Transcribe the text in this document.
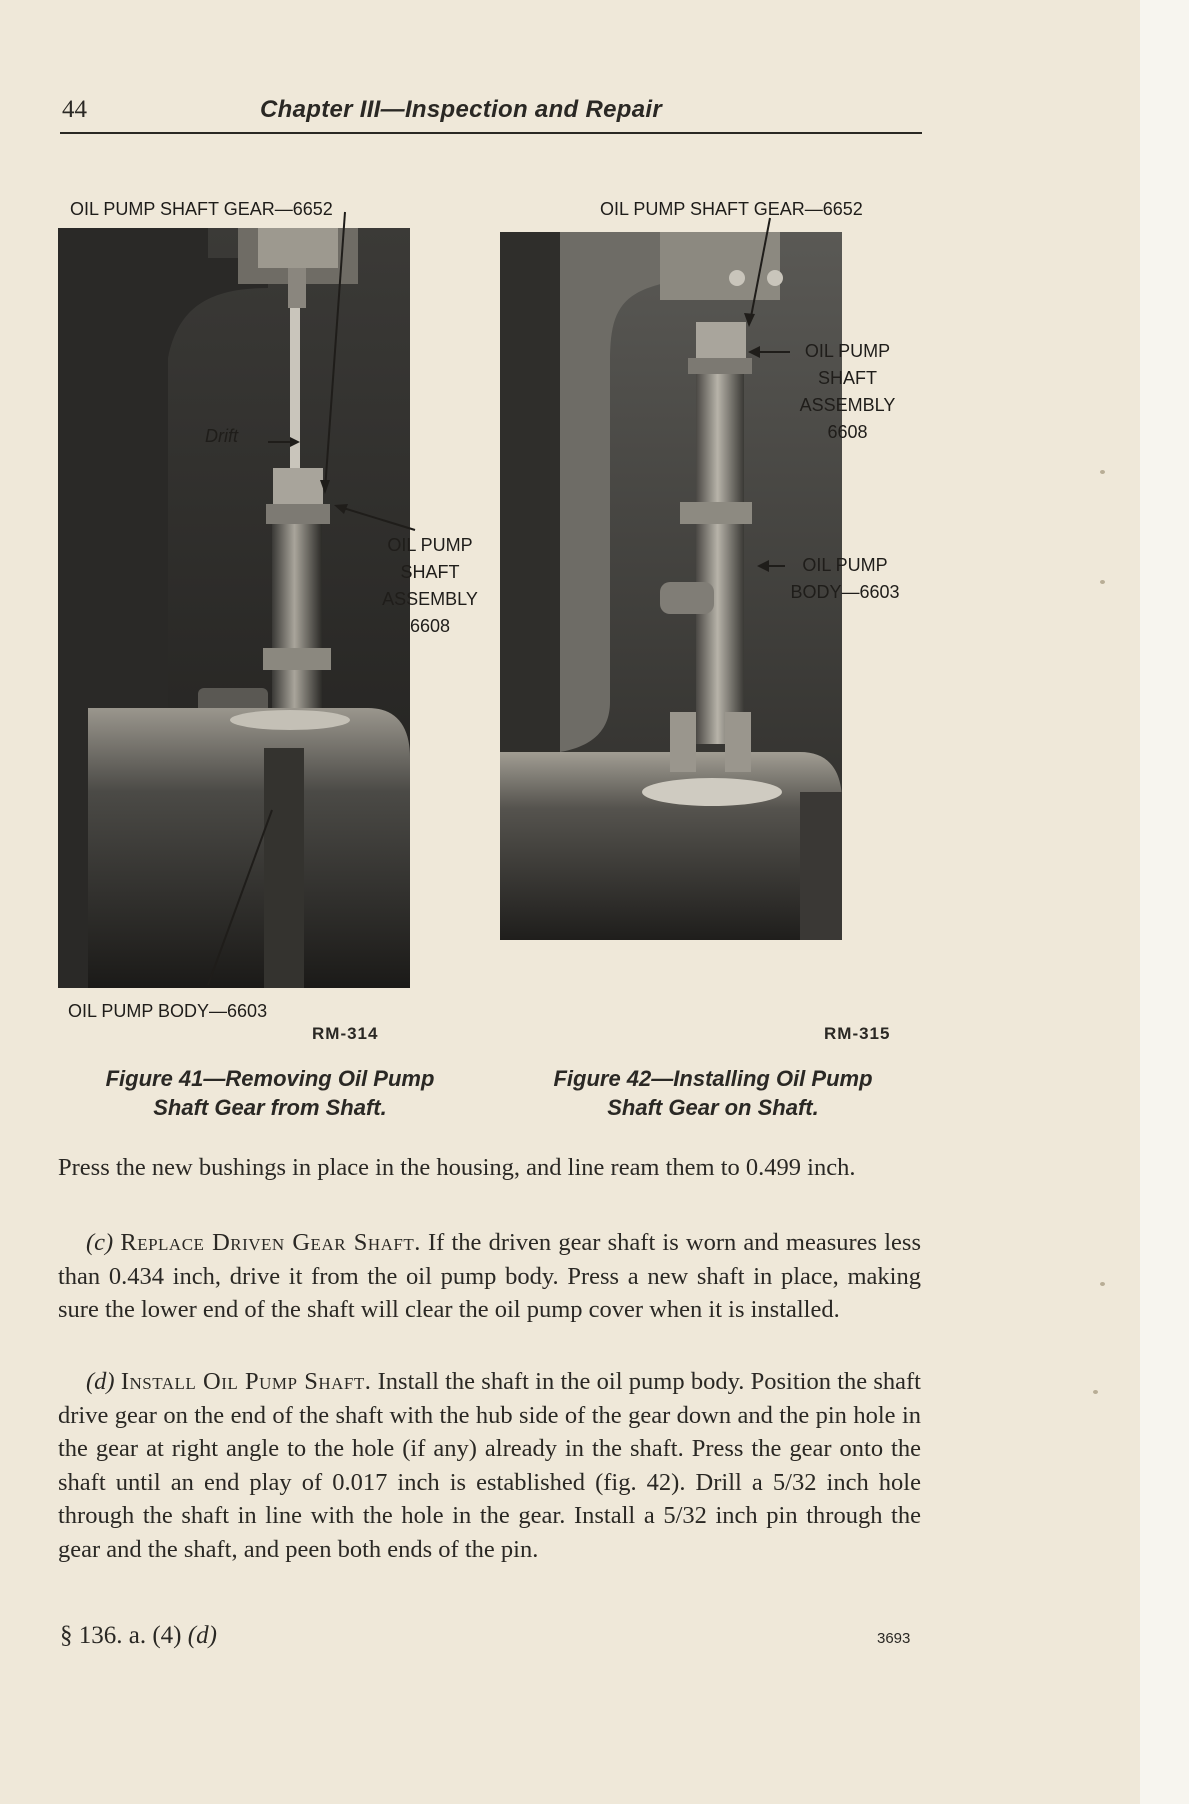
44	Chapter III—Inspection and Repair
OIL PUMP SHAFT GEAR—6652
Drift
OIL PUMP
SHAFT
ASSEMBLY
6608
OIL PUMP BODY—6603
RM-314
Figure 41—Removing Oil Pump
Shaft Gear from Shaft.
OIL PUMP SHAFT GEAR—6652
OIL PUMP
SHAFT
ASSEMBLY
6608
OIL PUMP
BODY—6603
RM-315
Figure 42—Installing Oil Pump
Shaft Gear on Shaft.
Press the new bushings in place in the housing, and line ream them to 0.499 inch.
(c) Replace Driven Gear Shaft. If the driven gear shaft is worn and measures less than 0.434 inch, drive it from the oil pump body. Press a new shaft in place, making sure the lower end of the shaft will clear the oil pump cover when it is installed.
(d) Install Oil Pump Shaft. Install the shaft in the oil pump body. Position the shaft drive gear on the end of the shaft with the hub side of the gear down and the pin hole in the gear at right angle to the hole (if any) already in the shaft. Press the gear onto the shaft until an end play of 0.017 inch is established (fig. 42). Drill a 5/32 inch hole through the shaft in line with the hole in the gear. Install a 5/32 inch pin through the gear and the shaft, and peen both ends of the pin.
§ 136. a. (4) (d)	3693
